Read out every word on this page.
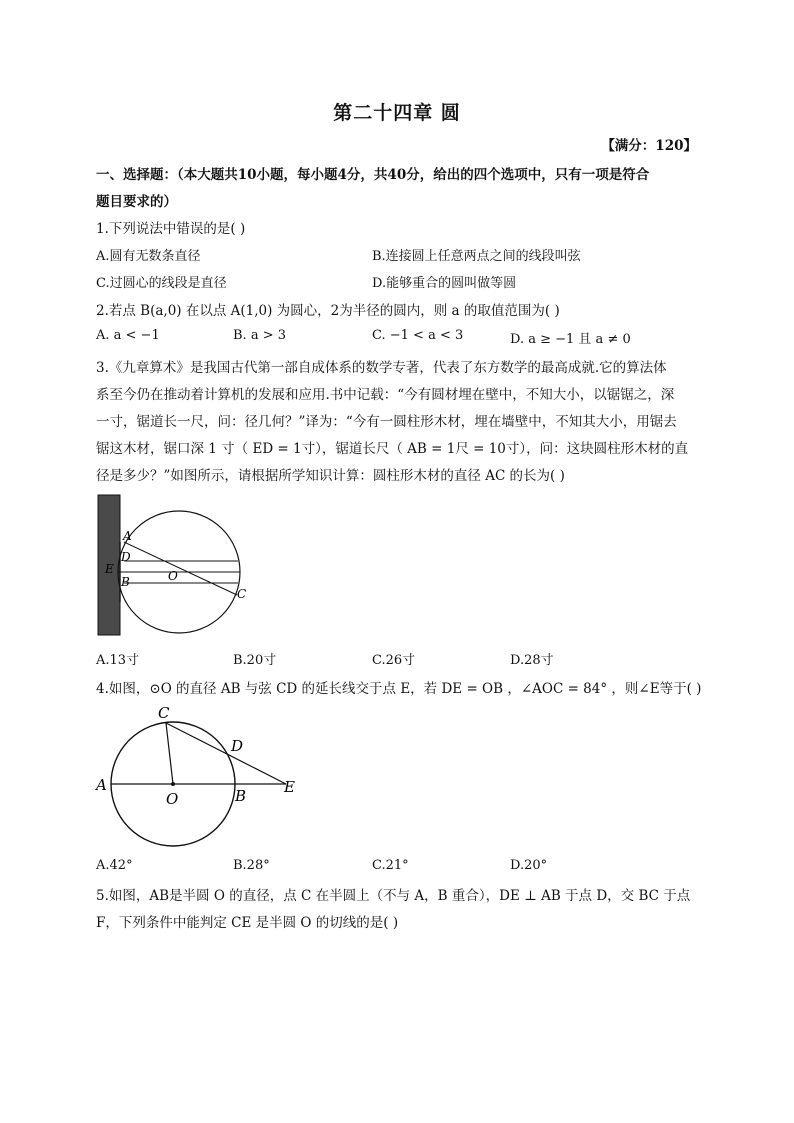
第二十四章 圆
【满分：120】
一、选择题：（本大题共10小题，每小题4分，共40分，给出的四个选项中，只有一项是符合
题目要求的）
1.下列说法中错误的是( )
A.圆有无数条直径	B.连接圆上任意两点之间的线段叫弦
C.过圆心的线段是直径	D.能够重合的圆叫做等圆
2.若点 B(a,0) 在以点 A(1,0) 为圆心，2为半径的圆内，则 a 的取值范围为( )
A. a < −1	B. a > 3	C. −1 < a < 3	D. a ≥ −1 且 a ≠ 0
3.《九章算术》是我国古代第一部自成体系的数学专著，代表了东方数学的最高成就.它的算法体
系至今仍在推动着计算机的发展和应用.书中记载：“今有圆材埋在壁中，不知大小，以锯锯之，深
一寸，锯道长一尺，问：径几何？”译为：“今有一圆柱形木材，埋在墙壁中，不知其大小，用锯去
锯这木材，锯口深 1 寸（ ED = 1寸），锯道长尺（ AB = 1尺 = 10寸），问：这块圆柱形木材的直
径是多少？”如图所示，请根据所学知识计算：圆柱形木材的直径 AC 的长为( )
A
D
E
B	O
C
A.13寸	B.20寸	C.26寸	D.28寸
4.如图，⊙O 的直径 AB 与弦 CD 的延长线交于点 E，若 DE = OB ，∠AOC = 84° ，则∠E等于( )
C
D
A
O	B	E
A.42°	B.28°	C.21°	D.20°
5.如图，AB是半圆 O 的直径，点 C 在半圆上（不与 A，B 重合），DE ⊥ AB 于点 D，交 BC 于点
F，下列条件中能判定 CE 是半圆 O 的切线的是( )
